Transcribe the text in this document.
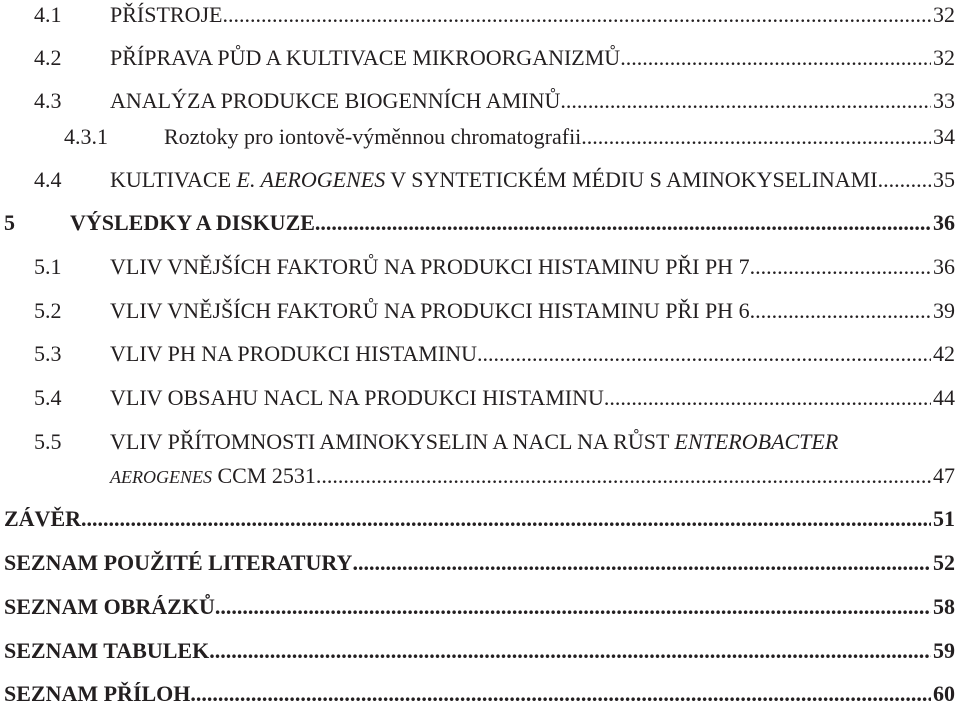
4.1	PŘÍSTROJE .....	32
4.2	PŘÍPRAVA PŮD A KULTIVACE MIKROORGANIZMŮ .....	32
4.3	ANALÝZA PRODUKCE BIOGENNÍCH AMINŮ .....	33
4.3.1	Roztoky pro iontově-výměnnou chromatografii .....	34
4.4	KULTIVACE E. AEROGENES V SYNTETICKÉM MÉDIU S AMINOKYSELINAMI .....	35
5	VÝSLEDKY A DISKUZE .....	36
5.1	VLIV VNĚJŠÍCH FAKTORŮ NA PRODUKCI HISTAMINU PŘI PH 7 .....	36
5.2	VLIV VNĚJŠÍCH FAKTORŮ NA PRODUKCI HISTAMINU PŘI PH 6 .....	39
5.3	VLIV PH NA PRODUKCI HISTAMINU .....	42
5.4	VLIV OBSAHU NACL NA PRODUKCI HISTAMINU .....	44
5.5	VLIV PŘÍTOMNOSTI AMINOKYSELIN A NACL NA RŮST ENTEROBACTER
AEROGENES CCM 2531 .....	47
ZÁVĚR .....	51
SEZNAM POUŽITÉ LITERATURY .....	52
SEZNAM OBRÁZKŮ .....	58
SEZNAM TABULEK .....	59
SEZNAM PŘÍLOH .....	60
